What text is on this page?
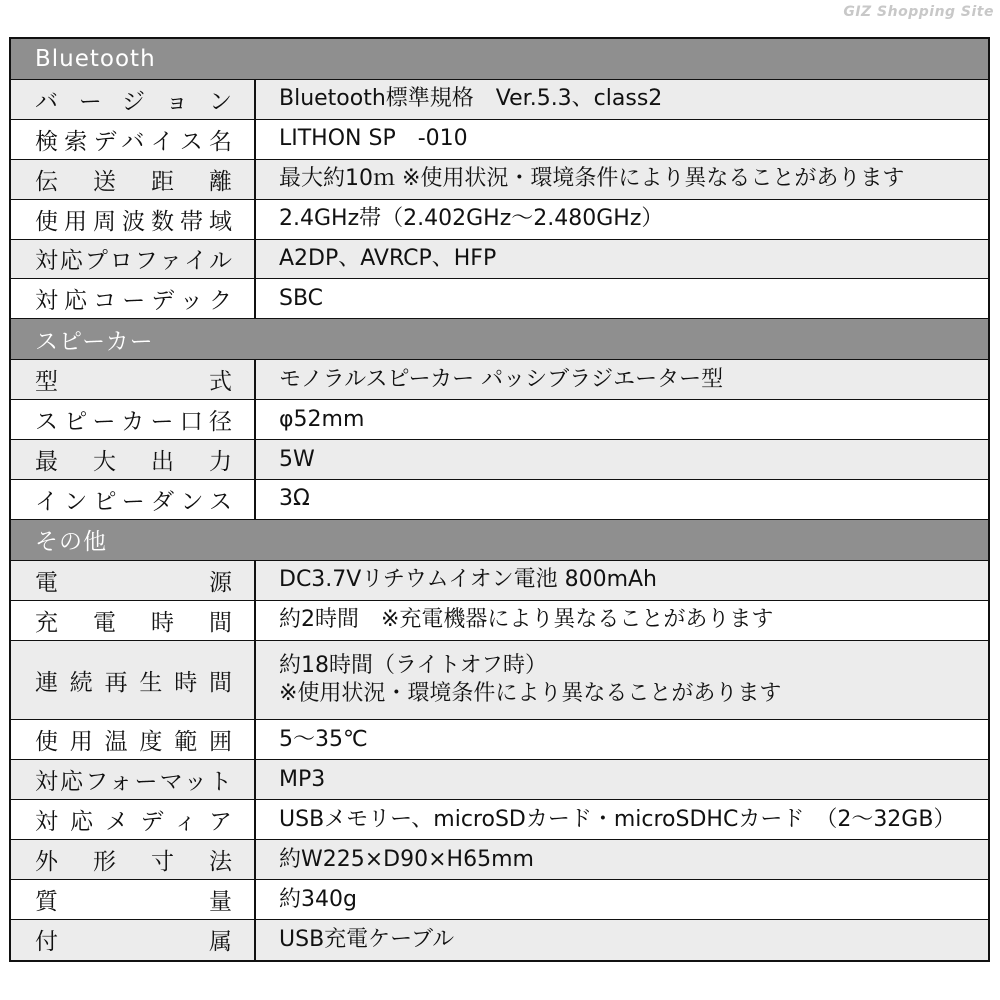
GIZ Shopping Site
Bluetooth
バージョン Bluetooth標準規格　Ver.5.3、class2
検索デバイス名 LITHON SP　-010
伝送距離 最大約10ｍ ※使用状況・環境条件により異なることがあります
使用周波数帯域 2.4GHz帯（2.402GHz～2.480GHz）
対応プロファイル A2DP、AVRCP、HFP
対応コーデック SBC
スピーカー
型式 モノラルスピーカー パッシブラジエーター型
スピーカー口径 φ52mm
最大出力 5W
インピーダンス 3Ω
その他
電源 DC3.7Vリチウムイオン電池 800mAh
充電時間 約2時間　※充電機器により異なることがあります
連続再生時間
約18時間（ライトオフ時）
※使用状況・環境条件により異なることがあります
使用温度範囲 5～35℃
対応フォーマット MP3
対応メディア USBメモリー、microSDカード・microSDHCカード　（2～32GB）
外形寸法 約W225×D90×H65mm
質量 約340g
付属 USB充電ケーブル
